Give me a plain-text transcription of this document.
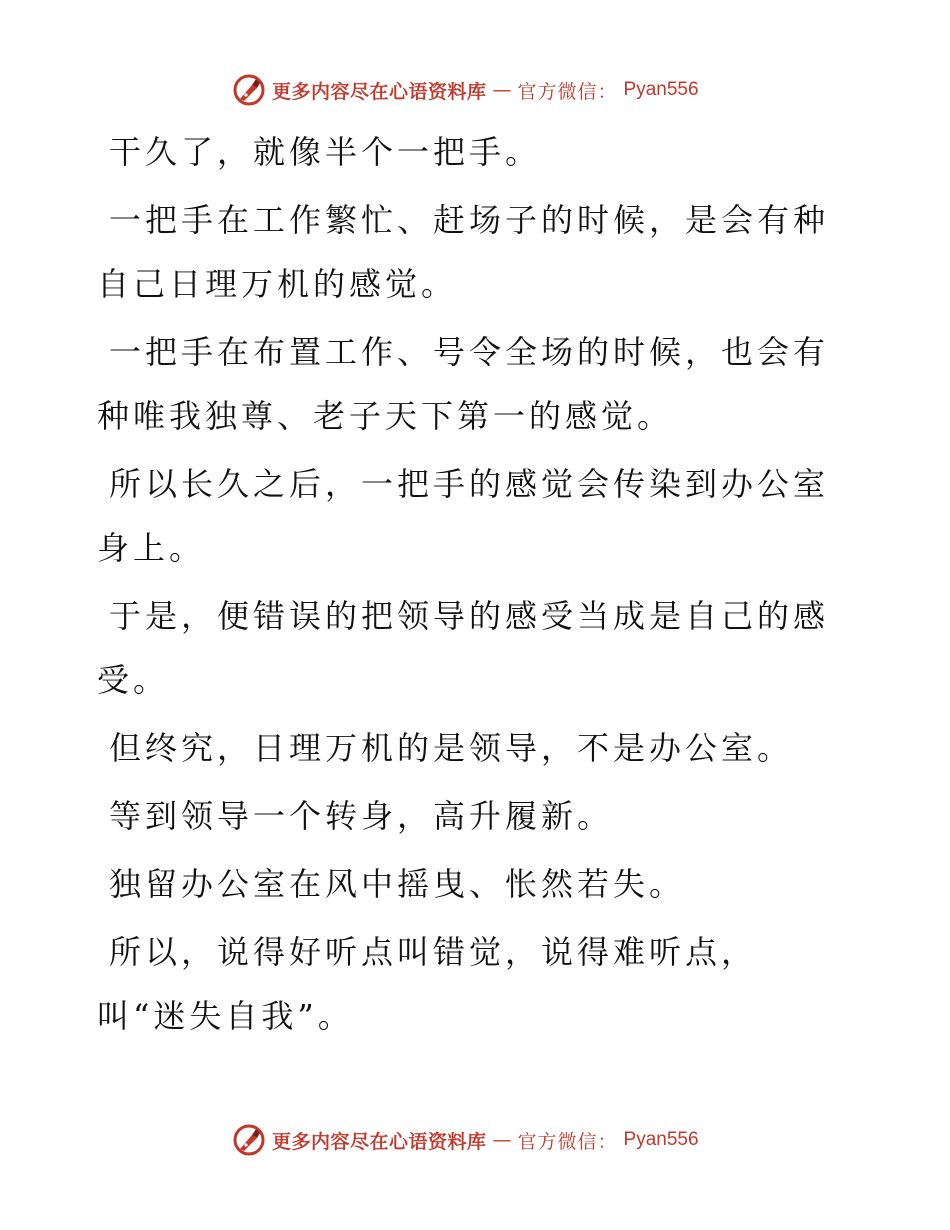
更多内容尽在心语资料库 — 官方微信： Pyan556

干久了，就像半个一把手。

一把手在工作繁忙、赶场子的时候，是会有种自己日理万机的感觉。

一把手在布置工作、号令全场的时候，也会有种唯我独尊、老子天下第一的感觉。

所以长久之后，一把手的感觉会传染到办公室身上。

于是，便错误的把领导的感受当成是自己的感受。

但终究，日理万机的是领导，不是办公室。

等到领导一个转身，高升履新。

独留办公室在风中摇曳、怅然若失。

所以，说得好听点叫错觉，说得难听点，叫“迷失自我”。

更多内容尽在心语资料库 — 官方微信： Pyan556
